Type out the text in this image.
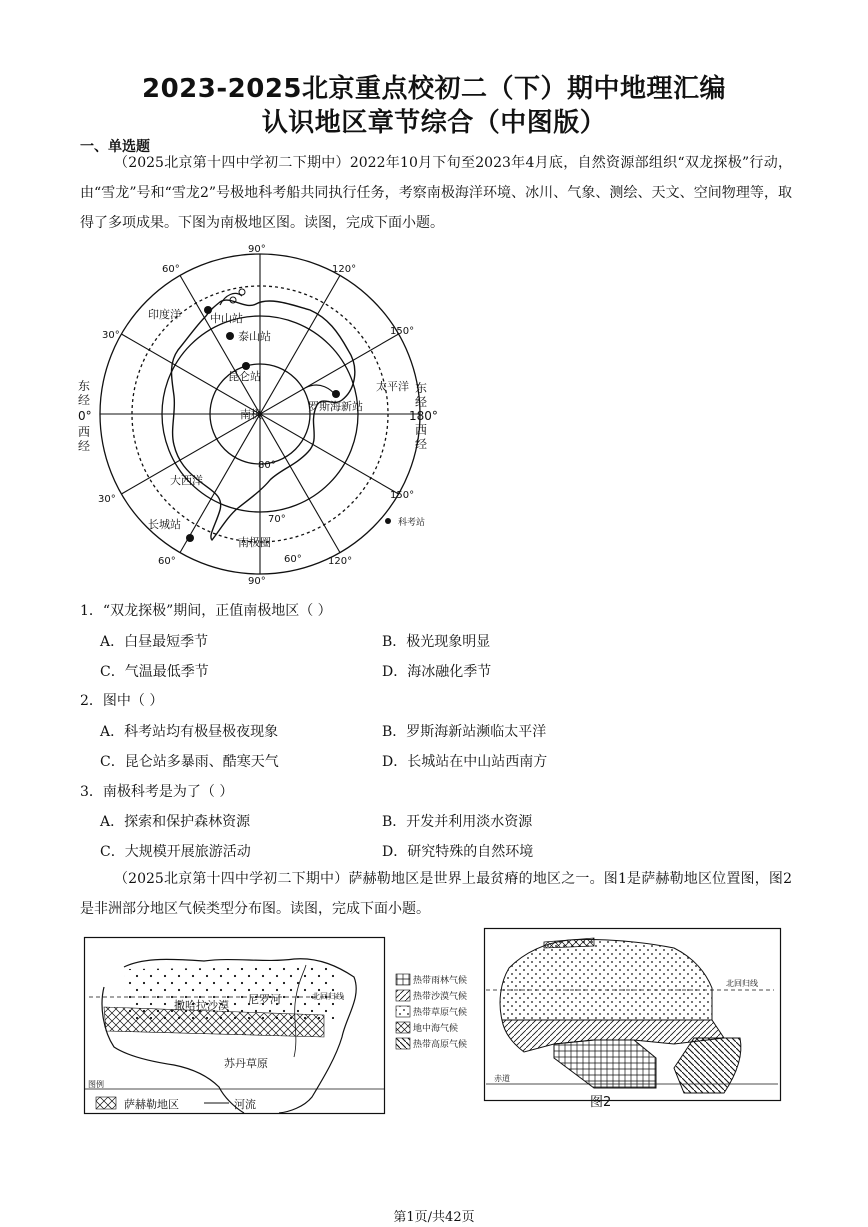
2023-2025北京重点校初二（下）期中地理汇编
认识地区章节综合（中图版）
一、单选题
（2025北京第十四中学初二下期中）2022年10月下旬至2023年4月底，自然资源部组织“双龙探极”行动，由“雪龙”号和“雪龙2”号极地科考船共同执行任务，考察南极海洋环境、冰川、气象、测绘、天文、空间物理等，取得了多项成果。下图为南极地区图。读图，完成下面小题。
90°
60°	120°
30°	150°
30°	150°
60°	120°
90°
60°
80°
70°
东
经
0°
西
经
东
经
180°
西
经
印度洋	中山站
泰山站
昆仑站
南极
罗斯海新站
太平洋
大西洋
长城站
南极圈
科考站
1．“双龙探极”期间，正值南极地区（ ）
A．白昼最短季节	B．极光现象明显
C．气温最低季节	D．海冰融化季节
2．图中（ ）
A．科考站均有极昼极夜现象	B．罗斯海新站濒临太平洋
C．昆仑站多暴雨、酷寒天气	D．长城站在中山站西南方
3．南极科考是为了（ ）
A．探索和保护森林资源	B．开发并利用淡水资源
C．大规模开展旅游活动	D．研究特殊的自然环境
（2025北京第十四中学初二下期中）萨赫勒地区是世界上最贫瘠的地区之一。图1是萨赫勒地区位置图，图2是非洲部分地区气候类型分布图。读图，完成下面小题。
撒哈拉沙漠 尼罗河	北回归线
苏丹草原
图例
萨赫勒地区	河流
热带雨林气候
热带沙漠气候
热带草原气候
地中海气候
热带高原气候
北回归线
赤道
图2
第1页/共42页
